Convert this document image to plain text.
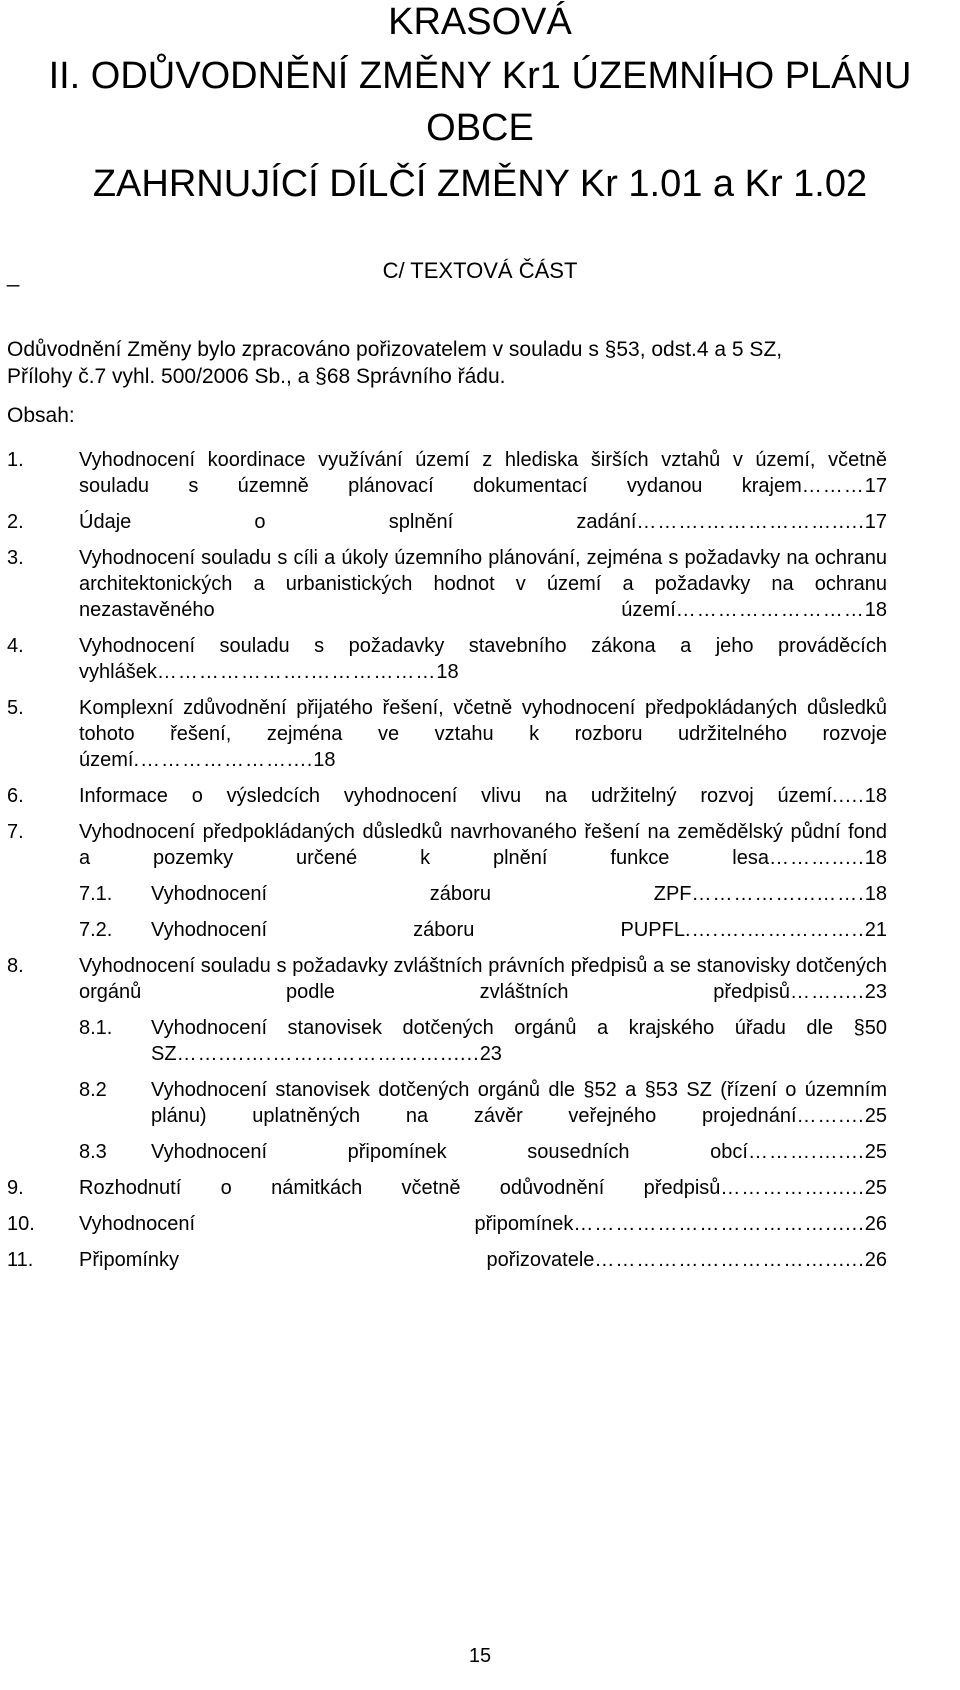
KRASOVÁ
II. ODŮVODNĚNÍ ZMĚNY Kr1 ÚZEMNÍHO PLÁNU
OBCE
ZAHRNUJÍCÍ DÍLČÍ ZMĚNY Kr 1.01 a Kr 1.02
C/ TEXTOVÁ ČÁST
_
Odůvodnění Změny bylo zpracováno pořizovatelem v souladu s §53, odst.4 a 5 SZ,
Přílohy č.7 vyhl. 500/2006 Sb., a §68 Správního řádu.
Obsah:
1.	Vyhodnocení koordinace využívání území z hlediska širších vztahů v území, včetně souladu s územně plánovací dokumentací vydanou krajem………17
2.	Údaje o splnění zadání……….……………….....17
3.	Vyhodnocení souladu s cíli a úkoly územního plánování, zejména s požadavky na ochranu architektonických a urbanistických hodnot v území a požadavky na ochranu nezastavěného území………………………18
4.	Vyhodnocení souladu s požadavky stavebního zákona a jeho prováděcích vyhlášek………………….………………18
5.	Komplexní zdůvodnění přijatého řešení, včetně vyhodnocení předpokládaných důsledků tohoto řešení, zejména ve vztahu k rozboru udržitelného rozvoje území.…………………....18
6.	Informace o výsledcích vyhodnocení vlivu na udržitelný rozvoj území.....18
7.	Vyhodnocení předpokládaných důsledků navrhovaného řešení na zemědělský půdní fond a pozemky určené k plnění funkce lesa……….....18
7.1.	Vyhodnocení záboru ZPF……………...…….18
7.2.	Vyhodnocení záboru PUPFL.….….……………..21
8.	Vyhodnocení souladu s požadavky zvláštních právních předpisů a se stanovisky dotčených orgánů podle zvláštních předpisů…….....23
8.1.	Vyhodnocení stanovisek dotčených orgánů a krajského úřadu dle §50 SZ……....….……………………......23
8.2	Vyhodnocení stanovisek dotčených orgánů dle §52 a §53 SZ (řízení o územním plánu) uplatněných na závěr veřejného projednání……....25
8.3	Vyhodnocení připomínek sousedních obcí……….…....25
9.	Rozhodnutí o námitkách včetně odůvodnění předpisů……………......25
10.	Vyhodnocení připomínek………………………………......26
11.	Připomínky pořizovatele……………………………......26
15
